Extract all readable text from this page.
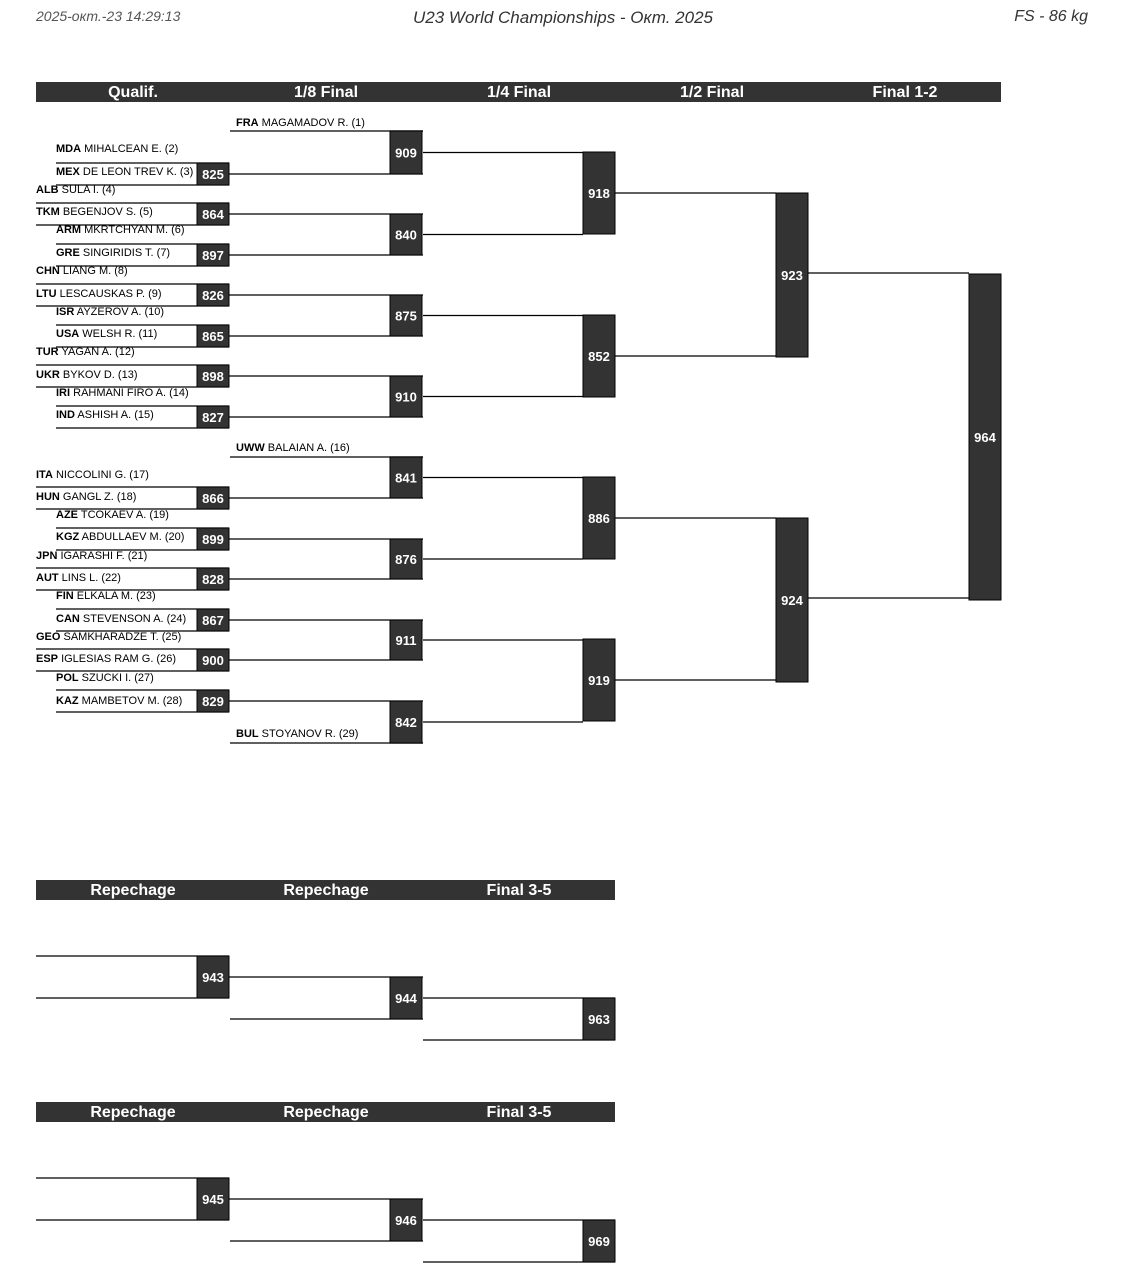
2025-окт.-23 14:29:13	U23 World Championships - Окт. 2025	FS - 86 kg
Qualif.	1/8 Final	1/4 Final	1/2 Final	Final 1-2
825
MDA MIHALCEAN E. (2)
MEX DE LEON TREV K. (3)
864
ALB SULA I. (4)
TKM BEGENJOV S. (5)
897
ARM MKRTCHYAN M. (6)
GRE SINGIRIDIS T. (7)
826
CHN LIANG M. (8)
LTU LESCAUSKAS P. (9)
865
ISR AYZEROV A. (10)
USA WELSH R. (11)
898
TUR YAGAN A. (12)
UKR BYKOV D. (13)
827
IRI RAHMANI FIRO A. (14)
IND ASHISH A. (15)
866
ITA NICCOLINI G. (17)
HUN GANGL Z. (18)
899
AZE TCOKAEV A. (19)
KGZ ABDULLAEV M. (20)
828
JPN IGARASHI F. (21)
AUT LINS L. (22)
867
FIN ELKALA M. (23)
CAN STEVENSON A. (24)
900
GEO SAMKHARADZE T. (25)
ESP IGLESIAS RAM G. (26)
829
POL SZUCKI I. (27)
KAZ MAMBETOV M. (28)
FRA MAGAMADOV R. (1)
UWW BALAIAN A. (16)
BUL STOYANOV R. (29)
909
840
875
910
841
876
911
842
918
852
886
919
923
924
964
Repechage	Repechage	Final 3-5
943
944
963
Repechage	Repechage	Final 3-5
945
946
969
